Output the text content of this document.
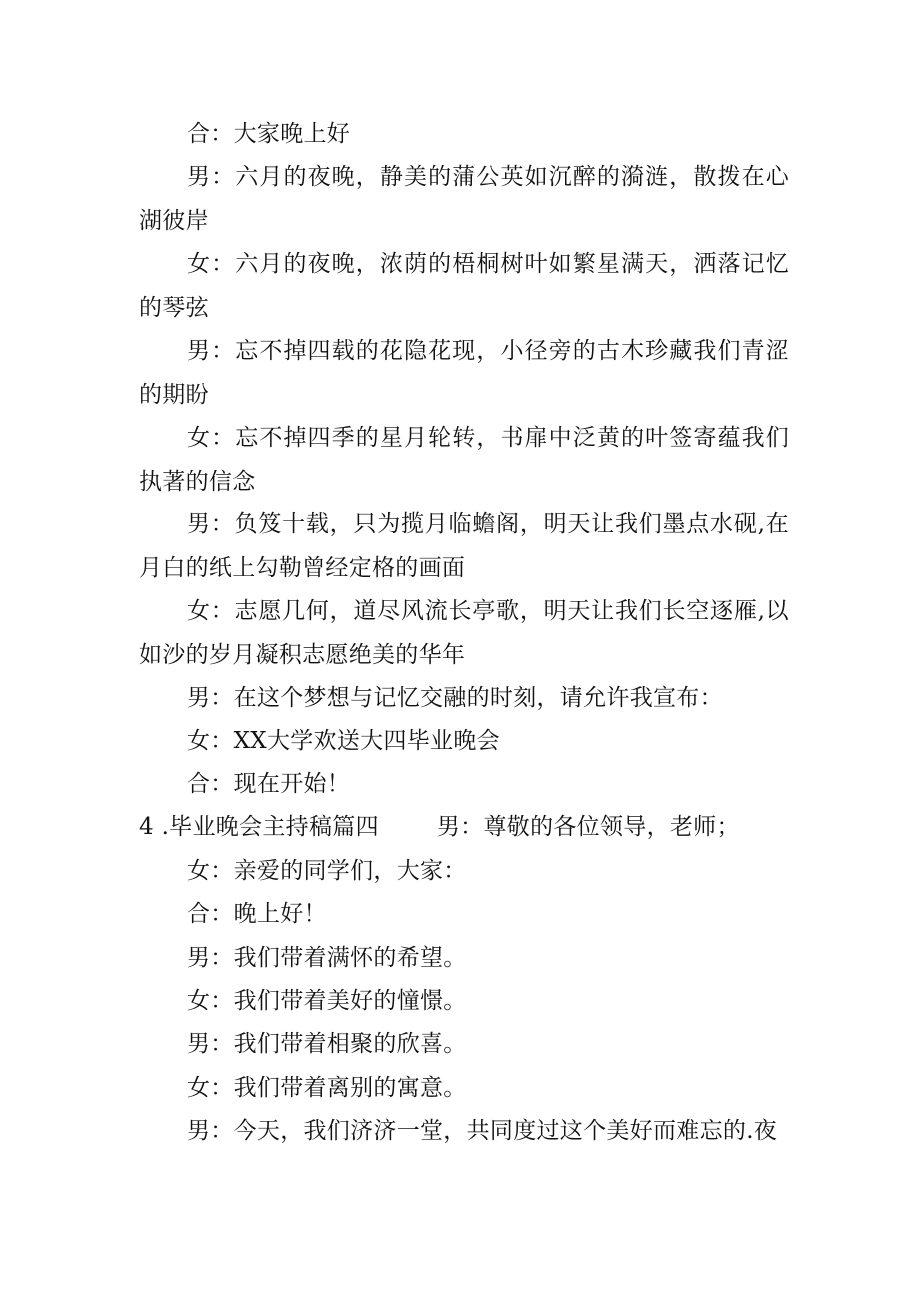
合：大家晚上好

男：六月的夜晚，静美的蒲公英如沉醉的漪涟，散拨在心湖彼岸

女：六月的夜晚，浓荫的梧桐树叶如繁星满天，洒落记忆的琴弦

男：忘不掉四载的花隐花现，小径旁的古木珍藏我们青涩的期盼

女：忘不掉四季的星月轮转，书扉中泛黄的叶签寄蕴我们执著的信念

男：负笈十载，只为揽月临蟾阁，明天让我们墨点水砚,在月白的纸上勾勒曾经定格的画面

女：志愿几何，道尽风流长亭歌，明天让我们长空逐雁,以如沙的岁月凝积志愿绝美的华年

男：在这个梦想与记忆交融的时刻，请允许我宣布：

女：XX大学欢送大四毕业晚会

合：现在开始！

4 .毕业晚会主持稿篇四	男：尊敬的各位领导，老师；

女：亲爱的同学们，大家：

合：晚上好！

男：我们带着满怀的希望。

女：我们带着美好的憧憬。

男：我们带着相聚的欣喜。

女：我们带着离别的寓意。

男：今天，我们济济一堂，共同度过这个美好而难忘的.夜
